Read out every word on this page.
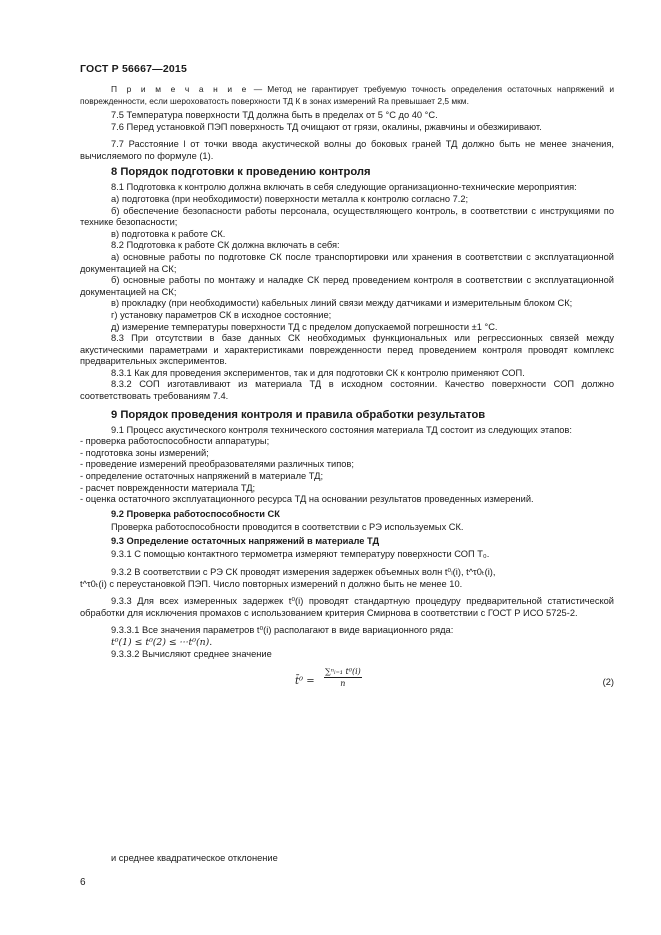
ГОСТ Р 56667—2015

П р и м е ч а н и е — Метод не гарантирует требуемую точность определения остаточных напряжений и поврежденности, если шероховатость поверхности ТД К в зонах измерений Ra превышает 2,5 мкм.

7.5 Температура поверхности ТД должна быть в пределах от 5 °С до 40 °С.

7.6 Перед установкой ПЭП поверхность ТД очищают от грязи, окалины, ржавчины и обезжиривают.

7.7 Расстояние l от точки ввода акустической волны до боковых граней ТД должно быть не менее значения, вычисляемого по формуле (1).

8 Порядок подготовки к проведению контроля

8.1 Подготовка к контролю должна включать в себя следующие организационно-технические мероприятия:

а) подготовка (при необходимости) поверхности металла к контролю согласно 7.2;

б) обеспечение безопасности работы персонала, осуществляющего контроль, в соответствии с инструкциями по технике безопасности;

в) подготовка к работе СК.

8.2 Подготовка к работе СК должна включать в себя:

а) основные работы по подготовке СК после транспортировки или хранения в соответствии с эксплуатационной документацией на СК;

б) основные работы по монтажу и наладке СК перед проведением контроля в соответствии с эксплуатационной документацией на СК;

в) прокладку (при необходимости) кабельных линий связи между датчиками и измерительным блоком СК;

г) установку параметров СК в исходное состояние;

д) измерение температуры поверхности ТД с пределом допускаемой погрешности ±1 °С.

8.3 При отсутствии в базе данных СК необходимых функциональных или регрессионных связей между акустическими параметрами и характеристиками поврежденности перед проведением контроля проводят комплекс предварительных экспериментов.

8.3.1 Как для проведения экспериментов, так и для подготовки СК к контролю применяют СОП.

8.3.2 СОП изготавливают из материала ТД в исходном состоянии. Качество поверхности СОП должно соответствовать требованиям 7.4.

9 Порядок проведения контроля и правила обработки результатов

9.1 Процесс акустического контроля технического состояния материала ТД состоит из следующих этапов:

- проверка работоспособности аппаратуры;

- подготовка зоны измерений;

- проведение измерений преобразователями различных типов;

- определение остаточных напряжений в материале ТД;

- расчет поврежденности материала ТД;

- оценка остаточного эксплуатационного ресурса ТД на основании результатов проведенных измерений.

9.2 Проверка работоспособности СК

Проверка работоспособности проводится в соответствии с РЭ используемых СК.

9.3 Определение остаточных напряжений в материале ТД

9.3.1 С помощью контактного термометра измеряют температуру поверхности СОП T₀.

9.3.2 В соответствии с РЭ СК проводят измерения задержек объемных волн t⁰ₗ(i), t^τ0ₜ(i),

t^τ0ₜ(i) с переустановкой ПЭП. Число повторных измерений n должно быть не менее 10.

9.3.3 Для всех измеренных задержек t⁰(i) проводят стандартную процедуру предварительной статистической обработки для исключения промахов с использованием критерия Смирнова в соответствии с ГОСТ Р ИСО 5725-2.

9.3.3.1 Все значения параметров t⁰(i) располагают в виде вариационного ряда:

t⁰(1) ≤ t⁰(2) ≤ ···t⁰(n).

9.3.3.2 Вычисляют среднее значение

t̄⁰ = $\frac{\text{∑ⁿᵢ₌₁ t⁰(i)}}{n}$	(2)
и среднее квадратическое отклонение
6
